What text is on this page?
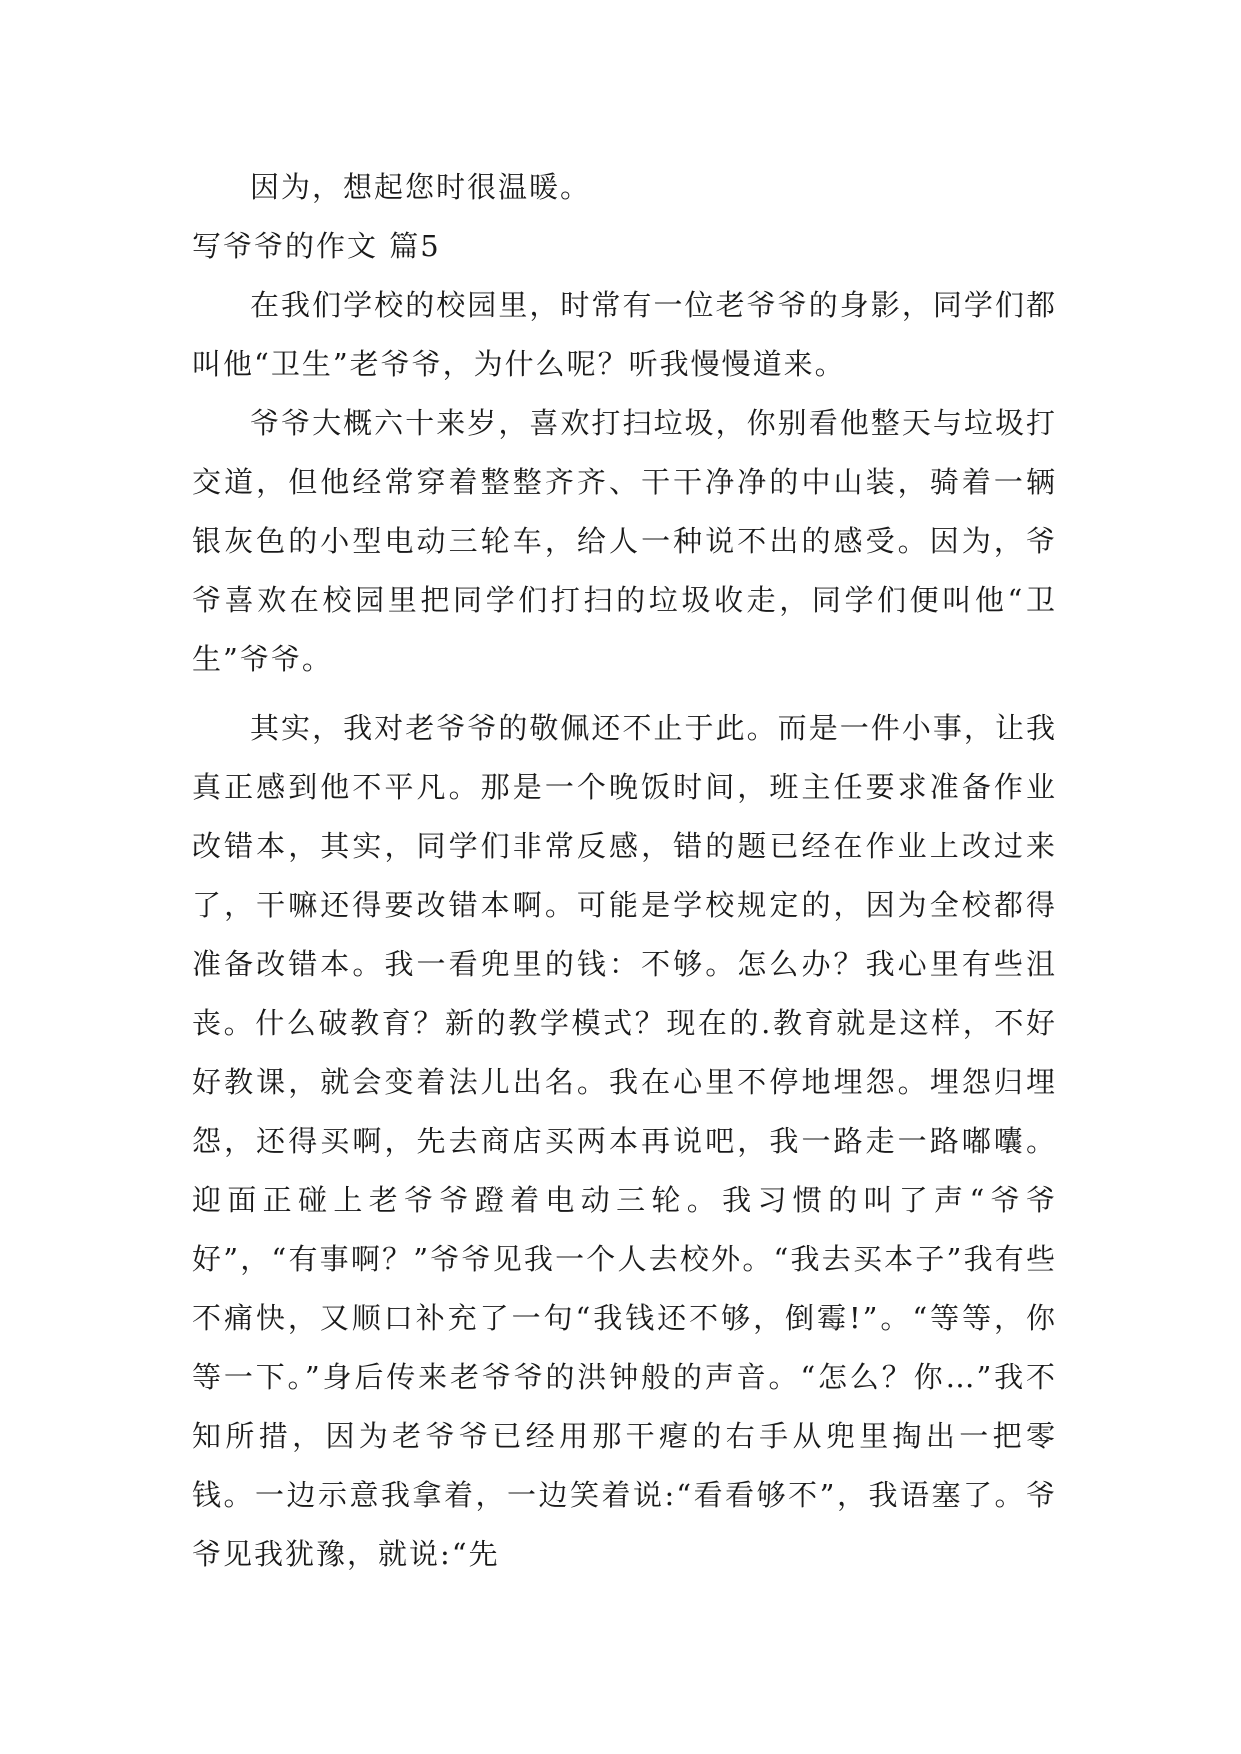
因为，想起您时很温暖。

写爷爷的作文 篇5

在我们学校的校园里，时常有一位老爷爷的身影，同学们都叫他“卫生”老爷爷，为什么呢？听我慢慢道来。

爷爷大概六十来岁，喜欢打扫垃圾，你别看他整天与垃圾打交道，但他经常穿着整整齐齐、干干净净的中山装，骑着一辆银灰色的小型电动三轮车，给人一种说不出的感受。因为，爷爷喜欢在校园里把同学们打扫的垃圾收走，同学们便叫他“卫生”爷爷。

其实，我对老爷爷的敬佩还不止于此。而是一件小事，让我真正感到他不平凡。那是一个晚饭时间，班主任要求准备作业改错本，其实，同学们非常反感，错的题已经在作业上改过来了，干嘛还得要改错本啊。可能是学校规定的，因为全校都得准备改错本。我一看兜里的钱：不够。怎么办？我心里有些沮丧。什么破教育？新的教学模式？现在的.教育就是这样，不好好教课，就会变着法儿出名。我在心里不停地埋怨。埋怨归埋怨，还得买啊，先去商店买两本再说吧，我一路走一路嘟囔。迎面正碰上老爷爷蹬着电动三轮。我习惯的叫了声“爷爷好”，“有事啊？”爷爷见我一个人去校外。“我去买本子”我有些不痛快，又顺口补充了一句“我钱还不够，倒霉!”。“等等，你等一下。”身后传来老爷爷的洪钟般的声音。“怎么？你…”我不知所措，因为老爷爷已经用那干瘪的右手从兜里掏出一把零钱。一边示意我拿着，一边笑着说:“看看够不”，我语塞了。爷爷见我犹豫，就说:“先
